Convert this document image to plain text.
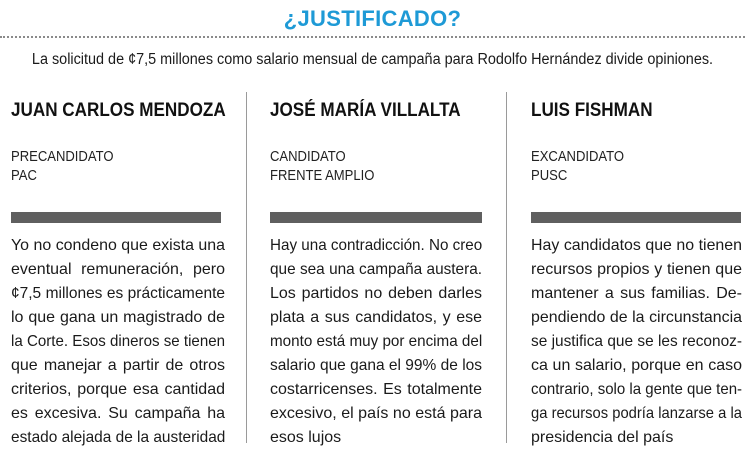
¿JUSTIFICADO?
La solicitud de ¢7,5 millones como salario mensual de campaña para Rodolfo Hernández divide opiniones.
JUAN CARLOS MENDOZA
PRECANDIDATO
PAC
Yo no condeno que exista una
eventual remuneración, pero
¢7,5 millones es prácticamente
lo que gana un magistrado de
la Corte. Esos dineros se tienen
que manejar a partir de otros
criterios, porque esa cantidad
es excesiva. Su campaña ha
estado alejada de la austeridad
JOSÉ MARÍA VILLALTA
CANDIDATO
FRENTE AMPLIO
Hay una contradicción. No creo
que sea una campaña austera.
Los partidos no deben darles
plata a sus candidatos, y ese
monto está muy por encima del
salario que gana el 99% de los
costarricenses. Es totalmente
excesivo, el país no está para
esos lujos
LUIS FISHMAN
EXCANDIDATO
PUSC
Hay candidatos que no tienen
recursos propios y tienen que
mantener a sus familias. De-
pendiendo de la circunstancia
se justifica que se les reconoz-
ca un salario, porque en caso
contrario, solo la gente que ten-
ga recursos podría lanzarse a la
presidencia del país
